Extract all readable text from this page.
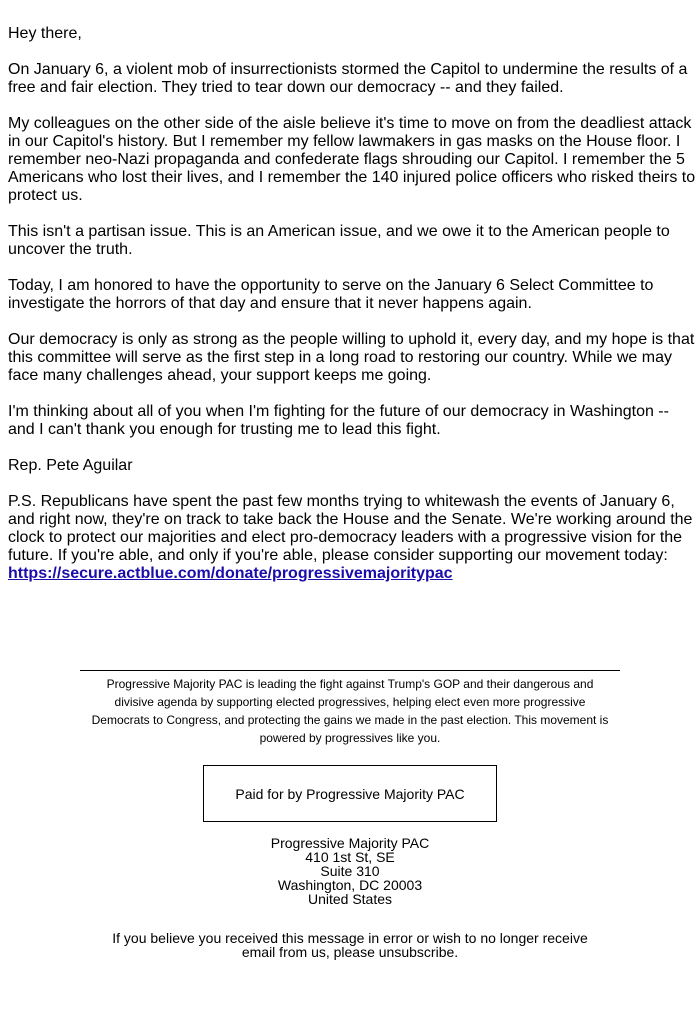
Hey there,

On January 6, a violent mob of insurrectionists stormed the Capitol to undermine the results of a free and fair election. They tried to tear down our democracy -- and they failed.

My colleagues on the other side of the aisle believe it's time to move on from the deadliest attack in our Capitol's history. But I remember my fellow lawmakers in gas masks on the House floor. I remember neo-Nazi propaganda and confederate flags shrouding our Capitol. I remember the 5 Americans who lost their lives, and I remember the 140 injured police officers who risked theirs to protect us.

This isn't a partisan issue. This is an American issue, and we owe it to the American people to uncover the truth.

Today, I am honored to have the opportunity to serve on the January 6 Select Committee to investigate the horrors of that day and ensure that it never happens again.

Our democracy is only as strong as the people willing to uphold it, every day, and my hope is that this committee will serve as the first step in a long road to restoring our country. While we may face many challenges ahead, your support keeps me going.

I'm thinking about all of you when I'm fighting for the future of our democracy in Washington -- and I can't thank you enough for trusting me to lead this fight.

Rep. Pete Aguilar

P.S. Republicans have spent the past few months trying to whitewash the events of January 6, and right now, they're on track to take back the House and the Senate. We're working around the clock to protect our majorities and elect pro-democracy leaders with a progressive vision for the future. If you're able, and only if you're able, please consider supporting our movement today: https://secure.actblue.com/donate/progressivemajoritypac

Progressive Majority PAC is leading the fight against Trump's GOP and their dangerous and divisive agenda by supporting elected progressives, helping elect even more progressive Democrats to Congress, and protecting the gains we made in the past election. This movement is powered by progressives like you.
Paid for by Progressive Majority PAC
Progressive Majority PAC
410 1st St, SE
Suite 310
Washington, DC 20003
United States
If you believe you received this message in error or wish to no longer receive email from us, please unsubscribe.
